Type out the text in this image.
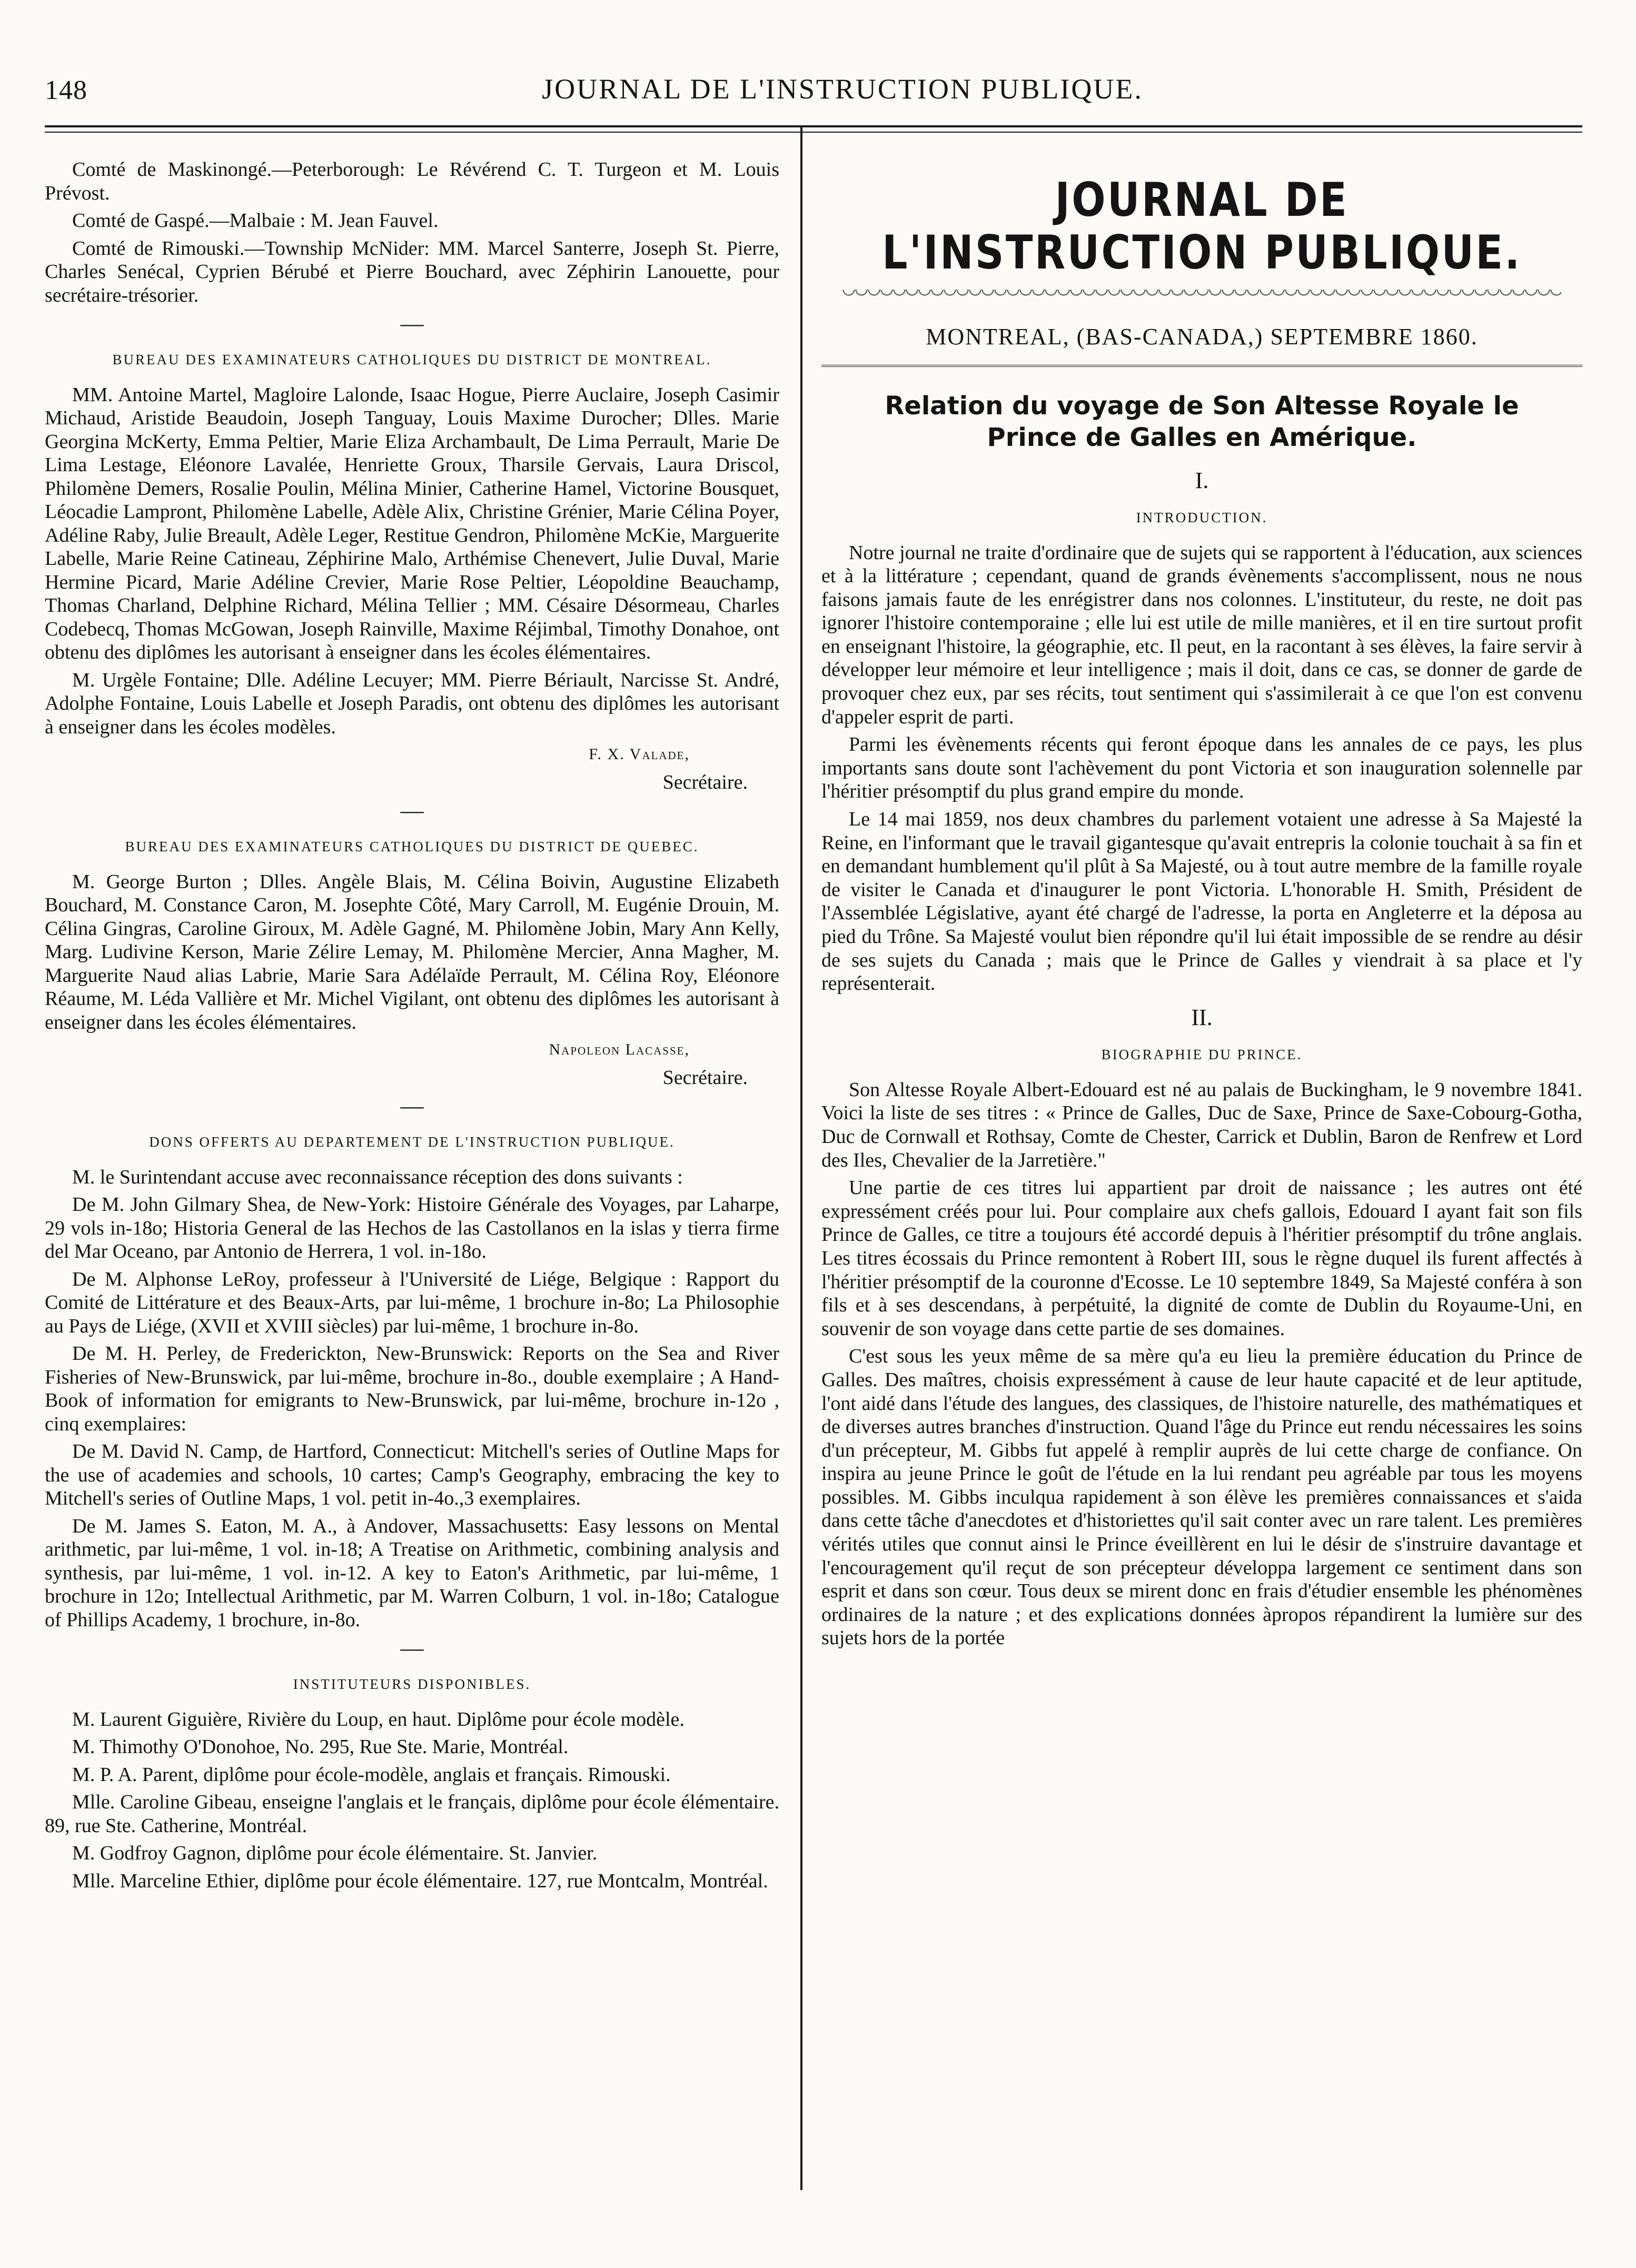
148	JOURNAL DE L'INSTRUCTION PUBLIQUE.

Comté de Maskinongé.—Peterborough: Le Révérend C. T. Turgeon et M. Louis Prévost.

Comté de Gaspé.—Malbaie : M. Jean Fauvel.

Comté de Rimouski.—Township McNider: MM. Marcel Santerre, Joseph St. Pierre, Charles Senécal, Cyprien Bérubé et Pierre Bouchard, avec Zéphirin Lanouette, pour secrétaire-trésorier.

—
BUREAU DES EXAMINATEURS CATHOLIQUES DU DISTRICT DE MONTREAL.

MM. Antoine Martel, Magloire Lalonde, Isaac Hogue, Pierre Auclaire, Joseph Casimir Michaud, Aristide Beaudoin, Joseph Tanguay, Louis Maxime Durocher; Dlles. Marie Georgina McKerty, Emma Peltier, Marie Eliza Archambault, De Lima Perrault, Marie De Lima Lestage, Eléonore Lavalée, Henriette Groux, Tharsile Gervais, Laura Driscol, Philomène Demers, Rosalie Poulin, Mélina Minier, Catherine Hamel, Victorine Bousquet, Léocadie Lampront, Philomène Labelle, Adèle Alix, Christine Grénier, Marie Célina Poyer, Adéline Raby, Julie Breault, Adèle Leger, Restitue Gendron, Philomène McKie, Marguerite Labelle, Marie Reine Catineau, Zéphirine Malo, Arthémise Chenevert, Julie Duval, Marie Hermine Picard, Marie Adéline Crevier, Marie Rose Peltier, Léopoldine Beauchamp, Thomas Charland, Delphine Richard, Mélina Tellier ; MM. Césaire Désormeau, Charles Codebecq, Thomas McGowan, Joseph Rainville, Maxime Réjimbal, Timothy Donahoe, ont obtenu des diplômes les autorisant à enseigner dans les écoles élémentaires.

M. Urgèle Fontaine; Dlle. Adéline Lecuyer; MM. Pierre Bériault, Narcisse St. André, Adolphe Fontaine, Louis Labelle et Joseph Paradis, ont obtenu des diplômes les autorisant à enseigner dans les écoles modèles.

F. X. Valade,

Secrétaire.

—
BUREAU DES EXAMINATEURS CATHOLIQUES DU DISTRICT DE QUEBEC.

M. George Burton ; Dlles. Angèle Blais, M. Célina Boivin, Augustine Elizabeth Bouchard, M. Constance Caron, M. Josephte Côté, Mary Carroll, M. Eugénie Drouin, M. Célina Gingras, Caroline Giroux, M. Adèle Gagné, M. Philomène Jobin, Mary Ann Kelly, Marg. Ludivine Kerson, Marie Zélire Lemay, M. Philomène Mercier, Anna Magher, M. Marguerite Naud alias Labrie, Marie Sara Adélaïde Perrault, M. Célina Roy, Eléonore Réaume, M. Léda Vallière et Mr. Michel Vigilant, ont obtenu des diplômes les autorisant à enseigner dans les écoles élémentaires.

Napoleon Lacasse,

Secrétaire.

—
DONS OFFERTS AU DEPARTEMENT DE L'INSTRUCTION PUBLIQUE.

M. le Surintendant accuse avec reconnaissance réception des dons suivants :

De M. John Gilmary Shea, de New-York: Histoire Générale des Voyages, par Laharpe, 29 vols in-18o; Historia General de las Hechos de las Castollanos en la islas y tierra firme del Mar Oceano, par Antonio de Herrera, 1 vol. in-18o.

De M. Alphonse LeRoy, professeur à l'Université de Liége, Belgique : Rapport du Comité de Littérature et des Beaux-Arts, par lui-même, 1 brochure in-8o; La Philosophie au Pays de Liége, (XVII et XVIII siècles) par lui-même, 1 brochure in-8o.

De M. H. Perley, de Frederickton, New-Brunswick: Reports on the Sea and River Fisheries of New-Brunswick, par lui-même, brochure in-8o., double exemplaire ; A Hand-Book of information for emigrants to New-Brunswick, par lui-même, brochure in-12o , cinq exemplaires:

De M. David N. Camp, de Hartford, Connecticut: Mitchell's series of Outline Maps for the use of academies and schools, 10 cartes; Camp's Geography, embracing the key to Mitchell's series of Outline Maps, 1 vol. petit in-4o.,3 exemplaires.

De M. James S. Eaton, M. A., à Andover, Massachusetts: Easy lessons on Mental arithmetic, par lui-même, 1 vol. in-18; A Treatise on Arithmetic, combining analysis and synthesis, par lui-même, 1 vol. in-12. A key to Eaton's Arithmetic, par lui-même, 1 brochure in 12o; Intellectual Arithmetic, par M. Warren Colburn, 1 vol. in-18o; Catalogue of Phillips Academy, 1 brochure, in-8o.

—
INSTITUTEURS DISPONIBLES.

M. Laurent Giguière, Rivière du Loup, en haut. Diplôme pour école modèle.

M. Thimothy O'Donohoe, No. 295, Rue Ste. Marie, Montréal.

M. P. A. Parent, diplôme pour école-modèle, anglais et français. Rimouski.

Mlle. Caroline Gibeau, enseigne l'anglais et le français, diplôme pour école élémentaire. 89, rue Ste. Catherine, Montréal.

M. Godfroy Gagnon, diplôme pour école élémentaire. St. Janvier.

Mlle. Marceline Ethier, diplôme pour école élémentaire. 127, rue Montcalm, Montréal.

JOURNAL DE L'INSTRUCTION PUBLIQUE.
MONTREAL, (BAS-CANADA,) SEPTEMBRE 1860.
Relation du voyage de Son Altesse Royale le Prince de Galles en Amérique.
I.
INTRODUCTION.

Notre journal ne traite d'ordinaire que de sujets qui se rapportent à l'éducation, aux sciences et à la littérature ; cependant, quand de grands évènements s'accomplissent, nous ne nous faisons jamais faute de les enrégistrer dans nos colonnes. L'instituteur, du reste, ne doit pas ignorer l'histoire contemporaine ; elle lui est utile de mille manières, et il en tire surtout profit en enseignant l'histoire, la géographie, etc. Il peut, en la racontant à ses élèves, la faire servir à développer leur mémoire et leur intelligence ; mais il doit, dans ce cas, se donner de garde de provoquer chez eux, par ses récits, tout sentiment qui s'assimilerait à ce que l'on est convenu d'appeler esprit de parti.

Parmi les évènements récents qui feront époque dans les annales de ce pays, les plus importants sans doute sont l'achèvement du pont Victoria et son inauguration solennelle par l'héritier présomptif du plus grand empire du monde.

Le 14 mai 1859, nos deux chambres du parlement votaient une adresse à Sa Majesté la Reine, en l'informant que le travail gigantesque qu'avait entrepris la colonie touchait à sa fin et en demandant humblement qu'il plût à Sa Majesté, ou à tout autre membre de la famille royale de visiter le Canada et d'inaugurer le pont Victoria. L'honorable H. Smith, Président de l'Assemblée Législative, ayant été chargé de l'adresse, la porta en Angleterre et la déposa au pied du Trône. Sa Majesté voulut bien répondre qu'il lui était impossible de se rendre au désir de ses sujets du Canada ; mais que le Prince de Galles y viendrait à sa place et l'y représenterait.

II.
BIOGRAPHIE DU PRINCE.

Son Altesse Royale Albert-Edouard est né au palais de Buckingham, le 9 novembre 1841. Voici la liste de ses titres : « Prince de Galles, Duc de Saxe, Prince de Saxe-Cobourg-Gotha, Duc de Cornwall et Rothsay, Comte de Chester, Carrick et Dublin, Baron de Renfrew et Lord des Iles, Chevalier de la Jarretière."

Une partie de ces titres lui appartient par droit de naissance ; les autres ont été expressément créés pour lui. Pour complaire aux chefs gallois, Edouard I ayant fait son fils Prince de Galles, ce titre a toujours été accordé depuis à l'héritier présomptif du trône anglais. Les titres écossais du Prince remontent à Robert III, sous le règne duquel ils furent affectés à l'héritier présomptif de la couronne d'Ecosse. Le 10 septembre 1849, Sa Majesté conféra à son fils et à ses descendans, à perpétuité, la dignité de comte de Dublin du Royaume-Uni, en souvenir de son voyage dans cette partie de ses domaines.

C'est sous les yeux même de sa mère qu'a eu lieu la première éducation du Prince de Galles. Des maîtres, choisis expressément à cause de leur haute capacité et de leur aptitude, l'ont aidé dans l'étude des langues, des classiques, de l'histoire naturelle, des mathématiques et de diverses autres branches d'instruction. Quand l'âge du Prince eut rendu nécessaires les soins d'un précepteur, M. Gibbs fut appelé à remplir auprès de lui cette charge de confiance. On inspira au jeune Prince le goût de l'étude en la lui rendant peu agréable par tous les moyens possibles. M. Gibbs inculqua rapidement à son élève les premières connaissances et s'aida dans cette tâche d'anecdotes et d'historiettes qu'il sait conter avec un rare talent. Les premières vérités utiles que connut ainsi le Prince éveillèrent en lui le désir de s'instruire davantage et l'encouragement qu'il reçut de son précepteur développa largement ce sentiment dans son esprit et dans son cœur. Tous deux se mirent donc en frais d'étudier ensemble les phénomènes ordinaires de la nature ; et des explications données àpropos répandirent la lumière sur des sujets hors de la portée
